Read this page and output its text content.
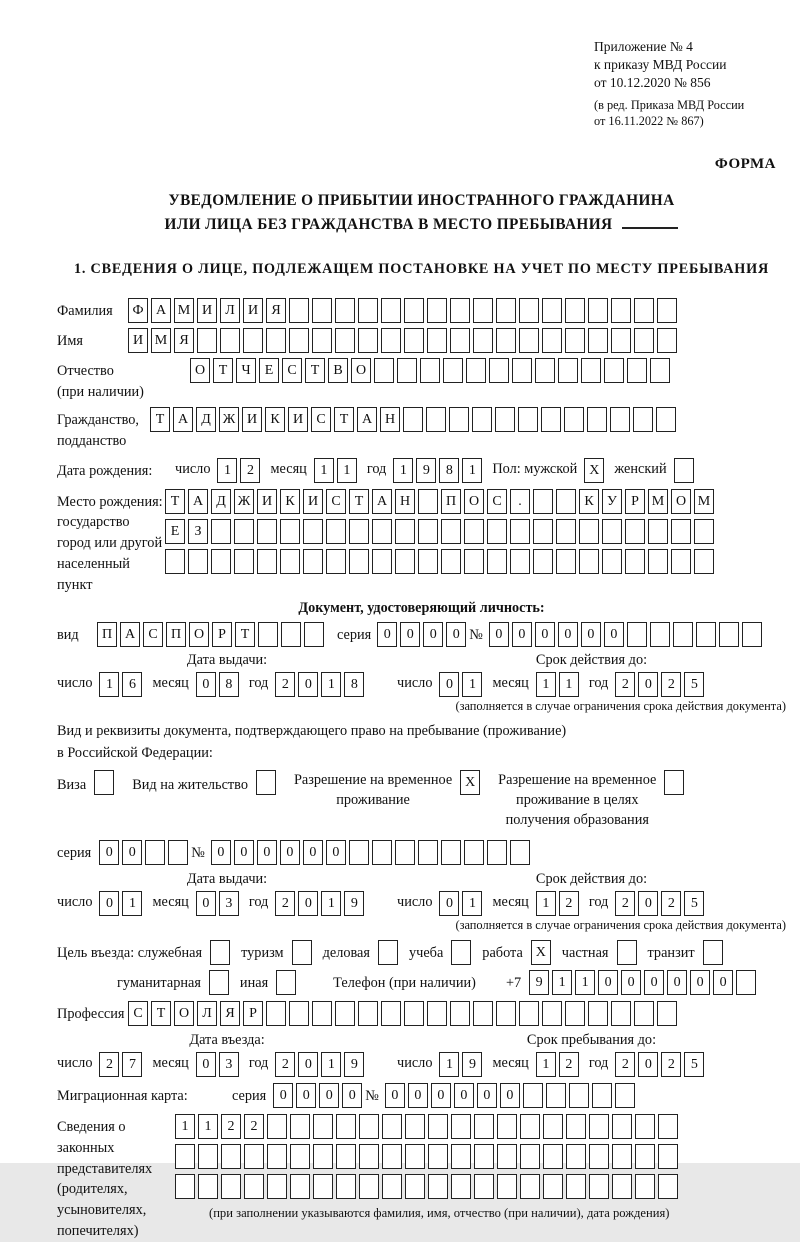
Приложение № 4
к приказу МВД России
от 10.12.2020 № 856
(в ред. Приказа МВД России
от 16.11.2022 № 867)
ФОРМА
УВЕДОМЛЕНИЕ О ПРИБЫТИИ ИНОСТРАННОГО ГРАЖДАНИНА
ИЛИ ЛИЦА БЕЗ ГРАЖДАНСТВА В МЕСТО ПРЕБЫВАНИЯ
1. СВЕДЕНИЯ О ЛИЦЕ, ПОДЛЕЖАЩЕМ ПОСТАНОВКЕ НА УЧЕТ ПО МЕСТУ ПРЕБЫВАНИЯ
Фамилия	Ф А М И Л И Я
Имя	И М Я
Отчество
(при наличии)
О Т	Ч	Е	С	Т	В О
Гражданство,
подданство
Т А Д Ж И К И С	Т А Н
Дата рождения:	число 1	2	месяц 1	1	год 1	9	8	1	Пол: мужской X	женский
Место рождения:
государство
город или другой
населенный пункт
Т А Д Ж И К И С	Т А Н	П О С	.	К У	Р М О М
Е	З
Документ, удостоверяющий личность:
вид	П А С П О	Р	Т	серия 0	0	0	0 № 0	0	0	0	0	0
Дата выдачи:
число 1	6	месяц 0	8	год 2	0	1	8
Срок действия до:
число 0	1	месяц 1	1	год 2	0	2	5
(заполняется в случае ограничения срока действия документа)
Вид и реквизиты документа, подтверждающего право на пребывание (проживание)
в Российской Федерации:
Виза	Вид на жительство	Разрешение на временное
проживание
X	Разрешение на временное
проживание в целях
получения образования
серия	0	0	№ 0	0	0	0	0	0
Дата выдачи:
число 0	1	месяц 0	3	год 2	0	1	9
Срок действия до:
число 0	1	месяц 1	2	год 2	0	2	5
(заполняется в случае ограничения срока действия документа)
Цель въезда: служебная	туризм	деловая	учеба	работа X	частная	транзит
гуманитарная	иная	Телефон (при наличии) +7	9	1	1	0	0	0	0	0	0
Профессия С	Т О Л Я	Р
Дата въезда:
число 2	7	месяц 0	3	год 2	0	1	9
Срок пребывания до:
число 1	9	месяц 1	2	год 2	0	2	5
Миграционная карта:	серия 0	0	0	0 № 0	0	0	0	0	0
Сведения о
законных
представителях
(родителях,
усыновителях,
попечителях)
1	1	2	2
(при заполнении указываются фамилия, имя, отчество (при наличии), дата рождения)
